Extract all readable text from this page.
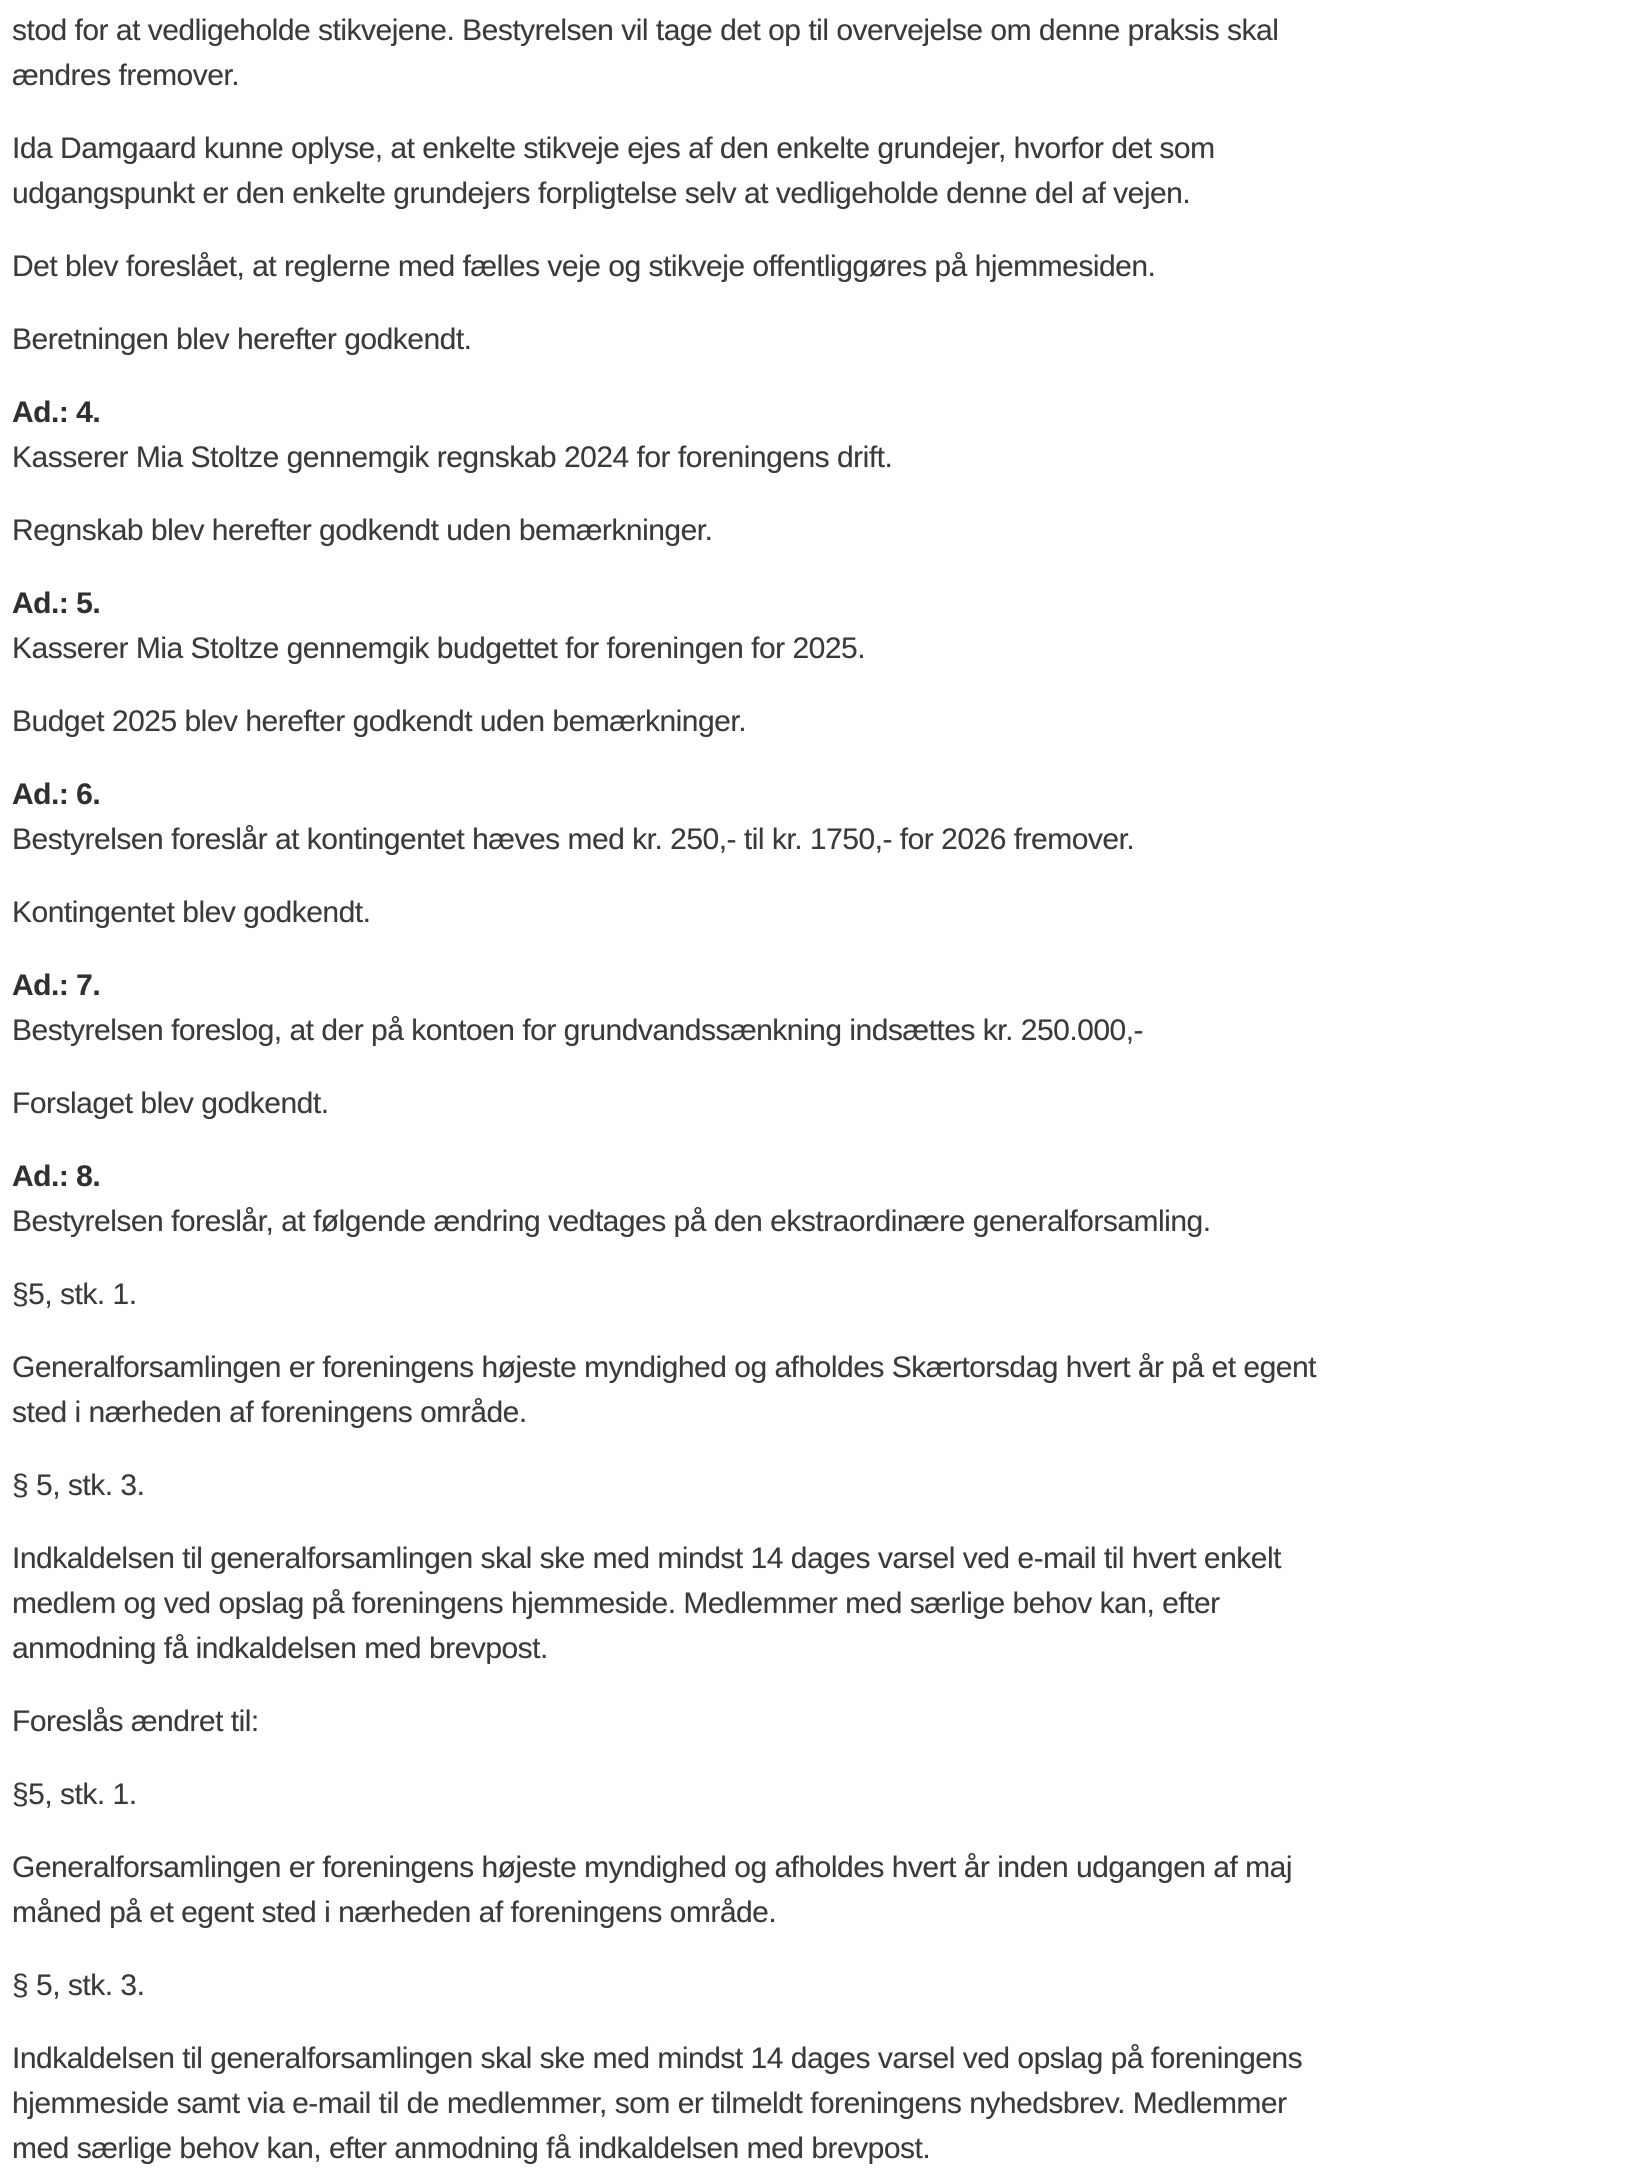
stod for at vedligeholde stikvejene. Bestyrelsen vil tage det op til overvejelse om denne praksis skal
ændres fremover.

Ida Damgaard kunne oplyse, at enkelte stikveje ejes af den enkelte grundejer, hvorfor det som
udgangspunkt er den enkelte grundejers forpligtelse selv at vedligeholde denne del af vejen.

Det blev foreslået, at reglerne med fælles veje og stikveje offentliggøres på hjemmesiden.

Beretningen blev herefter godkendt.

Ad.: 4.
Kasserer Mia Stoltze gennemgik regnskab 2024 for foreningens drift.

Regnskab blev herefter godkendt uden bemærkninger.

Ad.: 5.
Kasserer Mia Stoltze gennemgik budgettet for foreningen for 2025.

Budget 2025 blev herefter godkendt uden bemærkninger.

Ad.: 6.
Bestyrelsen foreslår at kontingentet hæves med kr. 250,- til kr. 1750,- for 2026 fremover.

Kontingentet blev godkendt.

Ad.: 7.
Bestyrelsen foreslog, at der på kontoen for grundvandssænkning indsættes kr. 250.000,-

Forslaget blev godkendt.

Ad.: 8.
Bestyrelsen foreslår, at følgende ændring vedtages på den ekstraordinære generalforsamling.

§5, stk. 1.

Generalforsamlingen er foreningens højeste myndighed og afholdes Skærtorsdag hvert år på et egent
sted i nærheden af foreningens område.

§ 5, stk. 3.

Indkaldelsen til generalforsamlingen skal ske med mindst 14 dages varsel ved e-mail til hvert enkelt
medlem og ved opslag på foreningens hjemmeside. Medlemmer med særlige behov kan, efter
anmodning få indkaldelsen med brevpost.

Foreslås ændret til:

§5, stk. 1.

Generalforsamlingen er foreningens højeste myndighed og afholdes hvert år inden udgangen af maj
måned på et egent sted i nærheden af foreningens område.

§ 5, stk. 3.

Indkaldelsen til generalforsamlingen skal ske med mindst 14 dages varsel ved opslag på foreningens
hjemmeside samt via e-mail til de medlemmer, som er tilmeldt foreningens nyhedsbrev. Medlemmer
med særlige behov kan, efter anmodning få indkaldelsen med brevpost.
